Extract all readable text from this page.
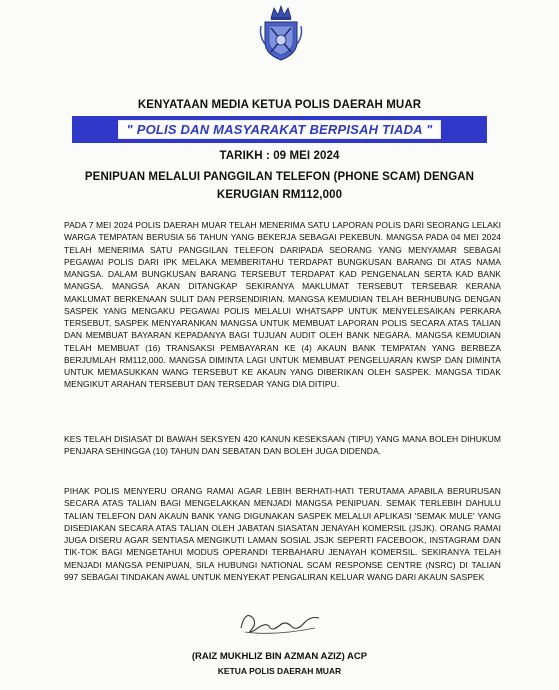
KENYATAAN MEDIA KETUA POLIS DAERAH MUAR
" POLIS DAN MASYARAKAT BERPISAH TIADA "
TARIKH : 09 MEI 2024
PENIPUAN MELALUI PANGGILAN TELEFON (PHONE SCAM) DENGAN
KERUGIAN RM112,000
PADA 7 MEI 2024 POLIS DAERAH MUAR TELAH MENERIMA SATU LAPORAN POLIS DARI SEORANG LELAKI WARGA TEMPATAN BERUSIA 56 TAHUN YANG BEKERJA SEBAGAI PEKEBUN. MANGSA PADA 04 MEI 2024 TELAH MENERIMA SATU PANGGILAN TELEFON DARIPADA SEORANG YANG MENYAMAR SEBAGAI PEGAWAI POLIS DARI IPK MELAKA MEMBERITAHU TERDAPAT BUNGKUSAN BARANG DI ATAS NAMA MANGSA. DALAM BUNGKUSAN BARANG TERSEBUT TERDAPAT KAD PENGENALAN SERTA KAD BANK MANGSA. MANGSA AKAN DITANGKAP SEKIRANYA MAKLUMAT TERSEBUT TERSEBAR KERANA MAKLUMAT BERKENAAN SULIT DAN PERSENDIRIAN. MANGSA KEMUDIAN TELAH BERHUBUNG DENGAN SASPEK YANG MENGAKU PEGAWAI POLIS MELALUI WHATSAPP UNTUK MENYELESAIKAN PERKARA TERSEBUT, SASPEK MENYARANKAN MANGSA UNTUK MEMBUAT LAPORAN POLIS SECARA ATAS TALIAN DAN MEMBUAT BAYARAN KEPADANYA BAGI TUJUAN AUDIT OLEH BANK NEGARA. MANGSA KEMUDIAN TELAH MEMBUAT (16) TRANSAKSI PEMBAYARAN KE (4) AKAUN BANK TEMPATAN YANG BERBEZA BERJUMLAH RM112,000. MANGSA DIMINTA LAGI UNTUK MEMBUAT PENGELUARAN KWSP DAN DIMINTA UNTUK MEMASUKKAN WANG TERSEBUT KE AKAUN YANG DIBERIKAN OLEH SASPEK. MANGSA TIDAK MENGIKUT ARAHAN TERSEBUT DAN TERSEDAR YANG DIA DITIPU.
KES TELAH DISIASAT DI BAWAH SEKSYEN 420 KANUN KESEKSAAN (TIPU) YANG MANA BOLEH DIHUKUM PENJARA SEHINGGA (10) TAHUN DAN SEBATAN DAN BOLEH JUGA DIDENDA.
PIHAK POLIS MENYERU ORANG RAMAI AGAR LEBIH BERHATI-HATI TERUTAMA APABILA BERURUSAN SECARA ATAS TALIAN BAGI MENGELAKKAN MENJADI MANGSA PENIPUAN. SEMAK TERLEBIH DAHULU TALIAN TELEFON DAN AKAUN BANK YANG DIGUNAKAN SASPEK MELALUI APLIKASI 'SEMAK MULE' YANG DISEDIAKAN SECARA ATAS TALIAN OLEH JABATAN SIASATAN JENAYAH KOMERSIL (JSJK). ORANG RAMAI JUGA DISERU AGAR SENTIASA MENGIKUTI LAMAN SOSIAL JSJK SEPERTI FACEBOOK, INSTAGRAM DAN TIK-TOK BAGI MENGETAHUI MODUS OPERANDI TERBAHARU JENAYAH KOMERSIL. SEKIRANYA TELAH MENJADI MANGSA PENIPUAN, SILA HUBUNGI NATIONAL SCAM RESPONSE CENTRE (NSRC) DI TALIAN 997 SEBAGAI TINDAKAN AWAL UNTUK MENYEKAT PENGALIRAN KELUAR WANG DARI AKAUN SASPEK
(RAIZ MUKHLIZ BIN AZMAN AZIZ) ACP
KETUA POLIS DAERAH MUAR
